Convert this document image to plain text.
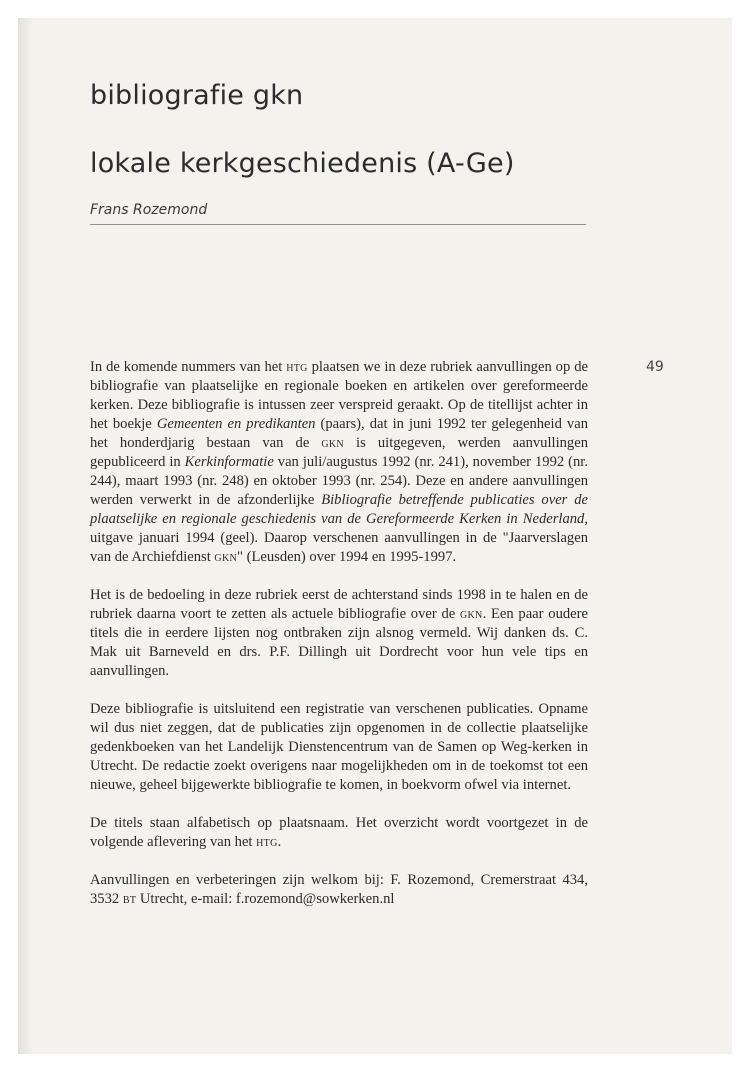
bibliografie gkn
lokale kerkgeschiedenis (A-Ge)
Frans Rozemond
49

In de komende nummers van het htg plaatsen we in deze rubriek aanvullingen op de bibliografie van plaatselijke en regionale boeken en artikelen over gereformeerde kerken. Deze bibliografie is intussen zeer verspreid geraakt. Op de titellijst achter in het boekje Gemeenten en predikanten (paars), dat in juni 1992 ter gelegenheid van het honderdjarig bestaan van de gkn is uitgegeven, werden aanvullingen gepubliceerd in Kerkinformatie van juli/augustus 1992 (nr. 241), november 1992 (nr. 244), maart 1993 (nr. 248) en oktober 1993 (nr. 254). Deze en andere aanvullingen werden verwerkt in de afzonderlijke Bibliografie betreffende publicaties over de plaatselijke en regionale geschiedenis van de Gereformeerde Kerken in Nederland, uitgave januari 1994 (geel). Daarop verschenen aanvullingen in de "Jaarverslagen van de Archiefdienst gkn" (Leusden) over 1994 en 1995-1997.

Het is de bedoeling in deze rubriek eerst de achterstand sinds 1998 in te halen en de rubriek daarna voort te zetten als actuele bibliografie over de gkn. Een paar oudere titels die in eerdere lijsten nog ontbraken zijn alsnog vermeld. Wij danken ds. C. Mak uit Barneveld en drs. P.F. Dillingh uit Dordrecht voor hun vele tips en aanvullingen.

Deze bibliografie is uitsluitend een registratie van verschenen publicaties. Opname wil dus niet zeggen, dat de publicaties zijn opgenomen in de collectie plaatselijke gedenkboeken van het Landelijk Dienstencentrum van de Samen op Weg-kerken in Utrecht. De redactie zoekt overigens naar mogelijkheden om in de toekomst tot een nieuwe, geheel bijgewerkte bibliografie te komen, in boekvorm ofwel via internet.

De titels staan alfabetisch op plaatsnaam. Het overzicht wordt voortgezet in de volgende aflevering van het htg.

Aanvullingen en verbeteringen zijn welkom bij: F. Rozemond, Cremerstraat 434, 3532 bt Utrecht, e-mail: f.rozemond@sowkerken.nl
